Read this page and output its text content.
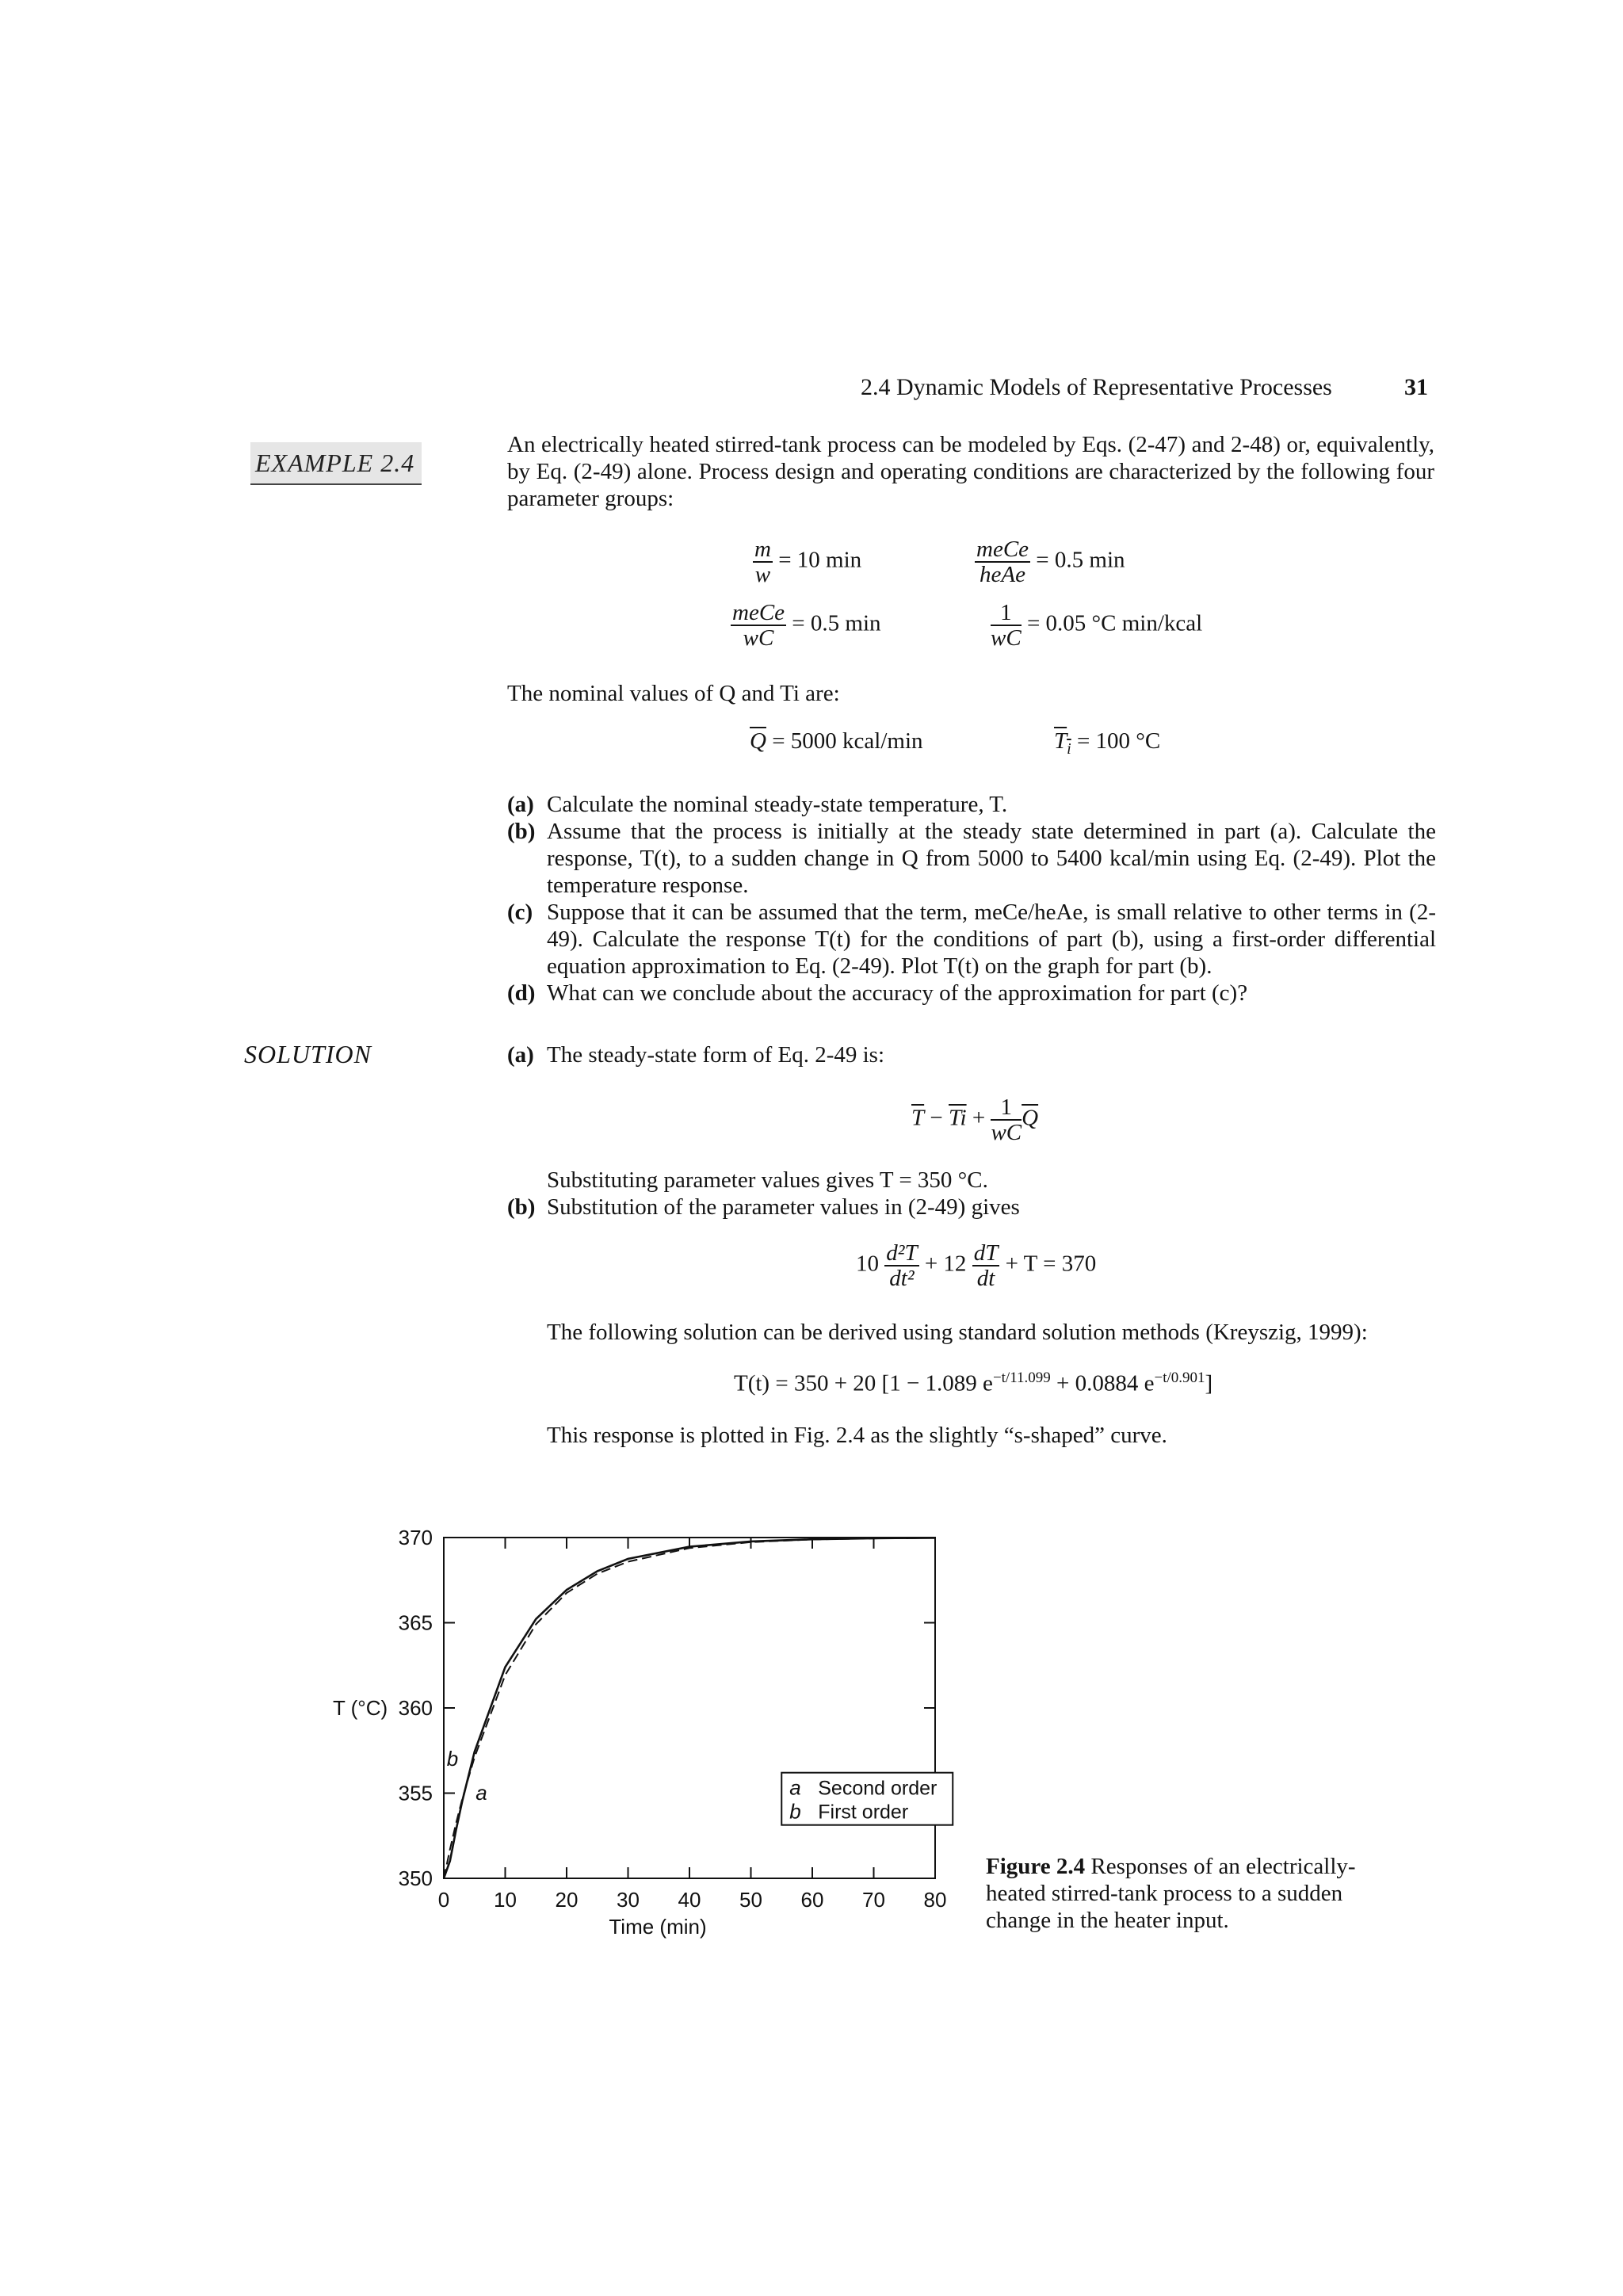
2.4 Dynamic Models of Representative Processes	31
EXAMPLE 2.4
An electrically heated stirred-tank process can be modeled by Eqs. (2-47) and 2-48) or, equivalently, by Eq. (2-49) alone. Process design and operating conditions are characterized by the following four parameter groups:
$\frac{m}{w} = 10$ min	$\frac{\text{meCe}}{\text{heAe}} = 0.5$ min
$\frac{\text{meCe}}{wC} = 0.5$ min	$\frac{1}{wC} = 0.05$ °C min/kcal
The nominal values of Q and Ti are:
$\overline{Q} = 5000$ kcal/min	$T_i = 100$ °C
(a) Calculate the nominal steady-state temperature, T.
(b) Assume that the process is initially at the steady state determined in part (a). Calculate the response, T(t), to a sudden change in Q from 5000 to 5400 kcal/min using Eq. (2-49). Plot the temperature response.
(c) Suppose that it can be assumed that the term, meCe/heAe, is small relative to other terms in (2-49). Calculate the response T(t) for the conditions of part (b), using a first-order differential equation approximation to Eq. (2-49). Plot T(t) on the graph for part (b).
(d) What can we conclude about the accuracy of the approximation for part (c)?
SOLUTION	(a) The steady-state form of Eq. 2-49 is:
$\overline{T} - \overline{Ti} + \frac{1}{wC} \overline{Q}$
Substituting parameter values gives T = 350 °C.
(b) Substitution of the parameter values in (2-49) gives
$10 \frac{\text{d²T}}{\text{dt²}} + 12 \frac{dT}{dt} + T = 370$
The following solution can be derived using standard solution methods (Kreyszig, 1999):
T(t) = 350 + 20 [1 − 1.089 $e^{-t/11.099} + 0.0884$ $e^{-t/0.901}$]
This response is plotted in Fig. 2.4 as the slightly “s-shaped” curve.
0 10 20 30 40 50 60 70 80
350
355
360
365
370
Time (min)
T (°C)
b
a	a Second order
b First order
Figure 2.4 Responses of an electrically-heated stirred-tank process to a sudden change in the heater input.
